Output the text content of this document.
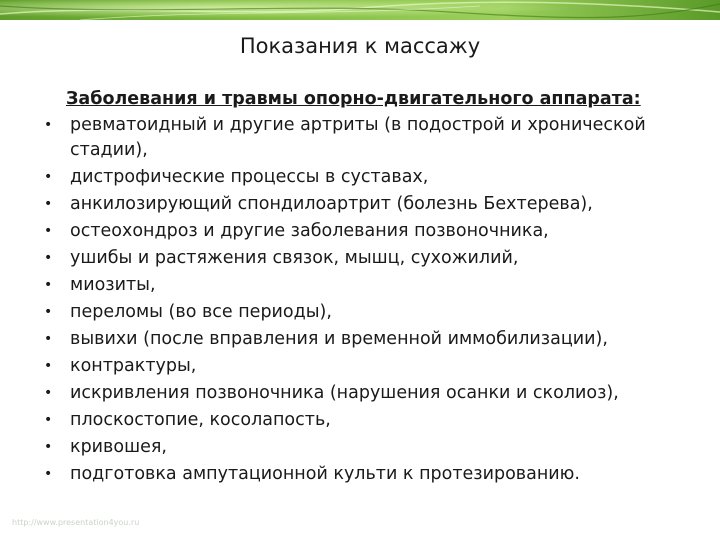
Показания к массажу
Заболевания и травмы опорно-двигательного аппарата:
• ревматоидный и другие артриты (в подострой и хронической стадии),
• дистрофические процессы в суставах,
• анкилозирующий спондилоартрит (болезнь Бехтерева),
• остеохондроз и другие заболевания позвоночника,
• ушибы и растяжения связок, мышц, сухожилий,
• миозиты,
• переломы (во все периоды),
• вывихи (после вправления и временной иммобилизации),
• контрактуры,
• искривления позвоночника (нарушения осанки и сколиоз),
• плоскостопие, косолапость,
• кривошея,
• подготовка ампутационной культи к протезированию.
http://www.presentation4you.ru
